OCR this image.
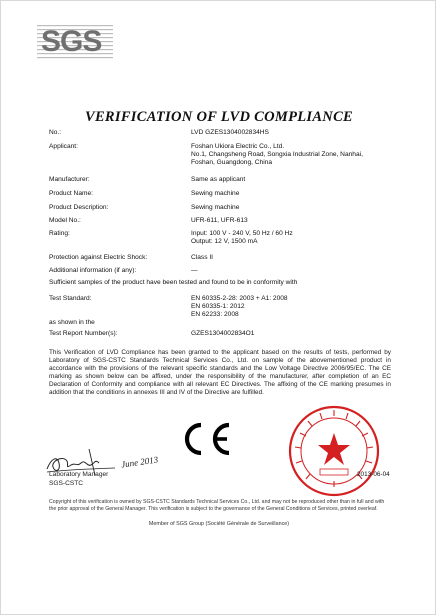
SGS
VERIFICATION OF LVD COMPLIANCE
No.:	LVD GZES1304002834HS
Applicant:	Foshan Ukiora Electric Co., Ltd.
No.1, Changsheng Road, Songxia Industrial Zone, Nanhai,
Foshan, Guangdong, China
Manufacturer:	Same as applicant
Product Name:	Sewing machine
Product Description:	Sewing machine
Model No.:	UFR-611, UFR-613
Rating:	Input: 100 V - 240 V, 50 Hz / 60 Hz
Output: 12 V, 1500 mA
Protection against Electric Shock:	Class II
Additional information (if any):	—
Sufficient samples of the product have been tested and found to be in conformity with
Test Standard:	EN 60335-2-28: 2003 + A1: 2008
EN 60335-1: 2012
EN 62233: 2008
as shown in the
Test Report Number(s):	GZES1304002834O1
This Verification of LVD Compliance has been granted to the applicant based on the results of tests, performed by Laboratory of SGS-CSTC Standards Technical Services Co., Ltd. on sample of the abovementioned product in accordance with the provisions of the relevant specific standards and the Low Voltage Directive 2006/95/EC. The CE marking as shown below can be affixed, under the responsibility of the manufacturer, after completion of an EC Declaration of Conformity and compliance with all relevant EC Directives. The affixing of the CE marking presumes in addition that the conditions in annexes III and IV of the Directive are fulfilled.
June 2013
Laboratory Manager
SGS-CSTC
2013-06-04
Copyright of this verification is owned by SGS-CSTC Standards Technical Services Co., Ltd. and may not be reproduced other than in full and with the prior approval of the General Manager. This verification is subject to the governance of the General Conditions of Services, printed overleaf.
Member of SGS Group (Société Générale de Surveillance)
